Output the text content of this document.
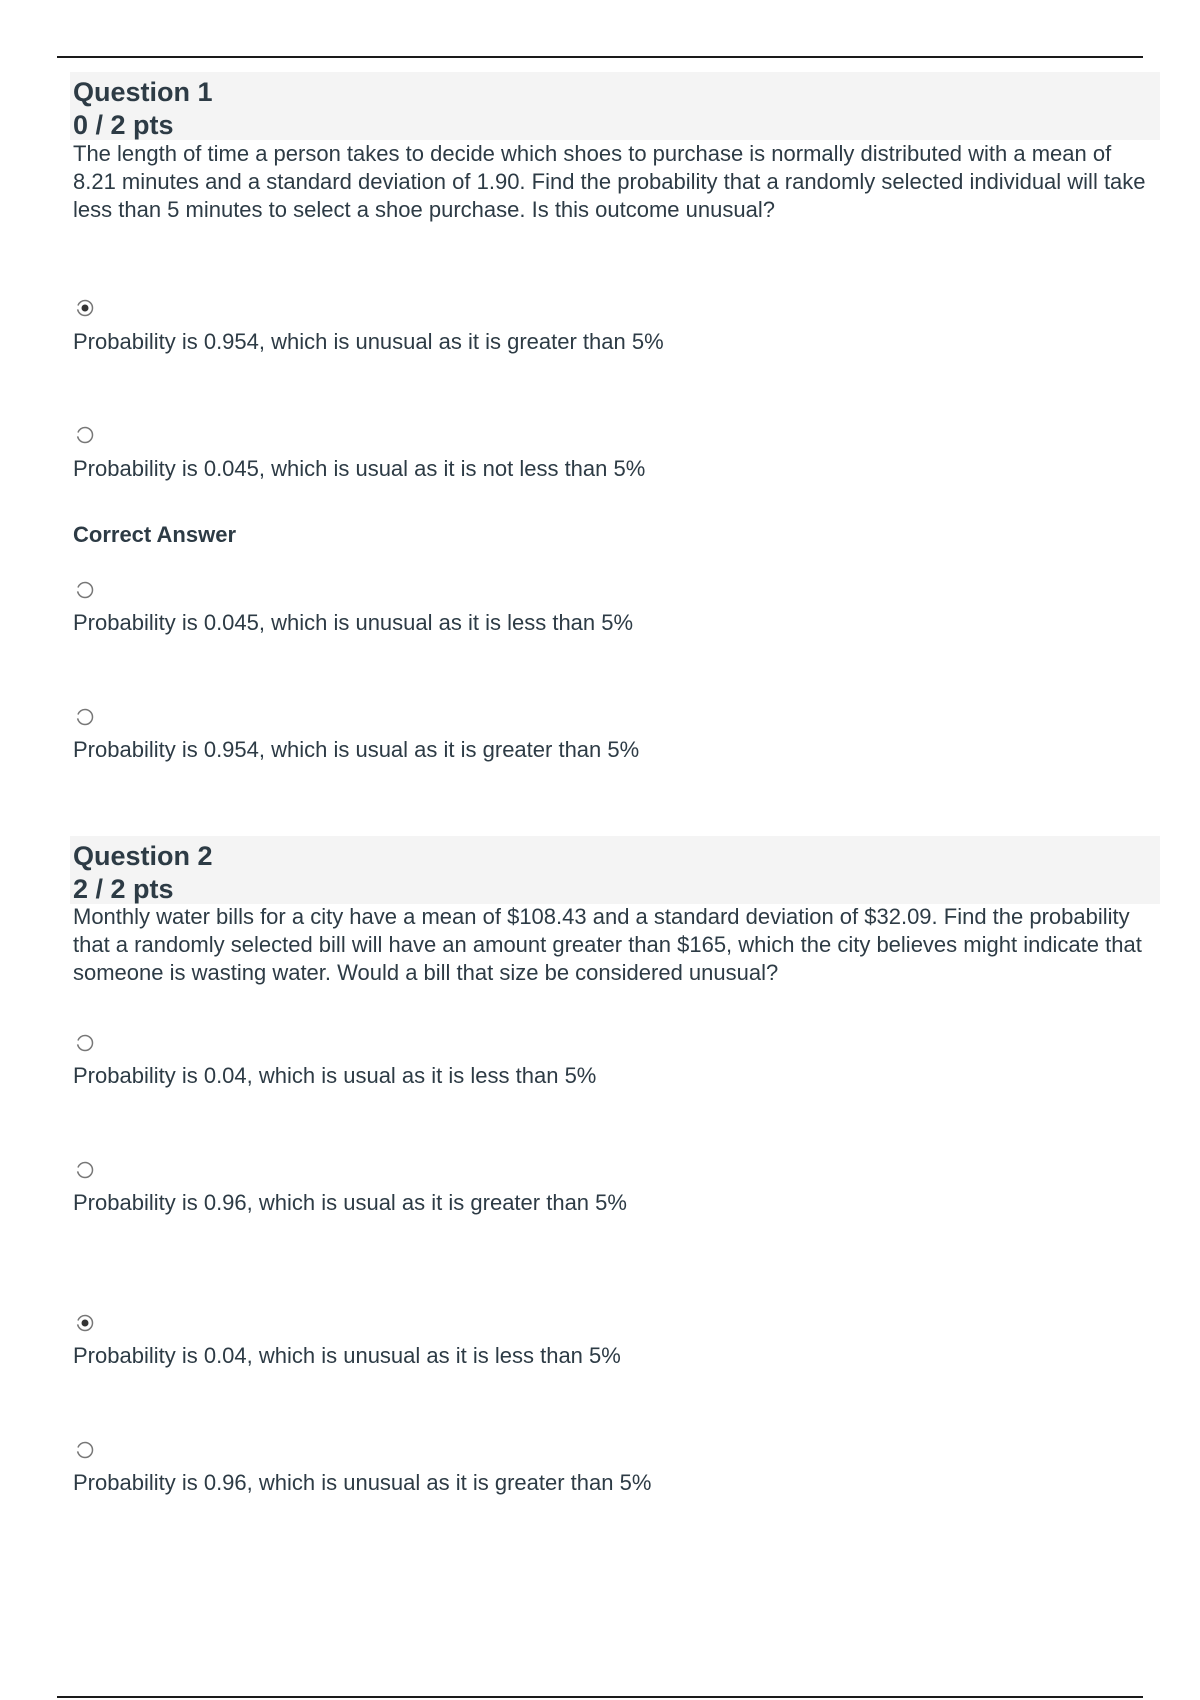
Question 1
0 / 2 pts
The length of time a person takes to decide which shoes to purchase is normally distributed with a mean of 8.21 minutes and a standard deviation of 1.90. Find the probability that a randomly selected individual will take less than 5 minutes to select a shoe purchase. Is this outcome unusual?
Probability is 0.954, which is unusual as it is greater than 5%
Probability is 0.045, which is usual as it is not less than 5%
Correct Answer
Probability is 0.045, which is unusual as it is less than 5%
Probability is 0.954, which is usual as it is greater than 5%
Question 2
2 / 2 pts
Monthly water bills for a city have a mean of $108.43 and a standard deviation of $32.09. Find the probability that a randomly selected bill will have an amount greater than $165, which the city believes might indicate that someone is wasting water. Would a bill that size be considered unusual?
Probability is 0.04, which is usual as it is less than 5%
Probability is 0.96, which is usual as it is greater than 5%
Probability is 0.04, which is unusual as it is less than 5%
Probability is 0.96, which is unusual as it is greater than 5%
